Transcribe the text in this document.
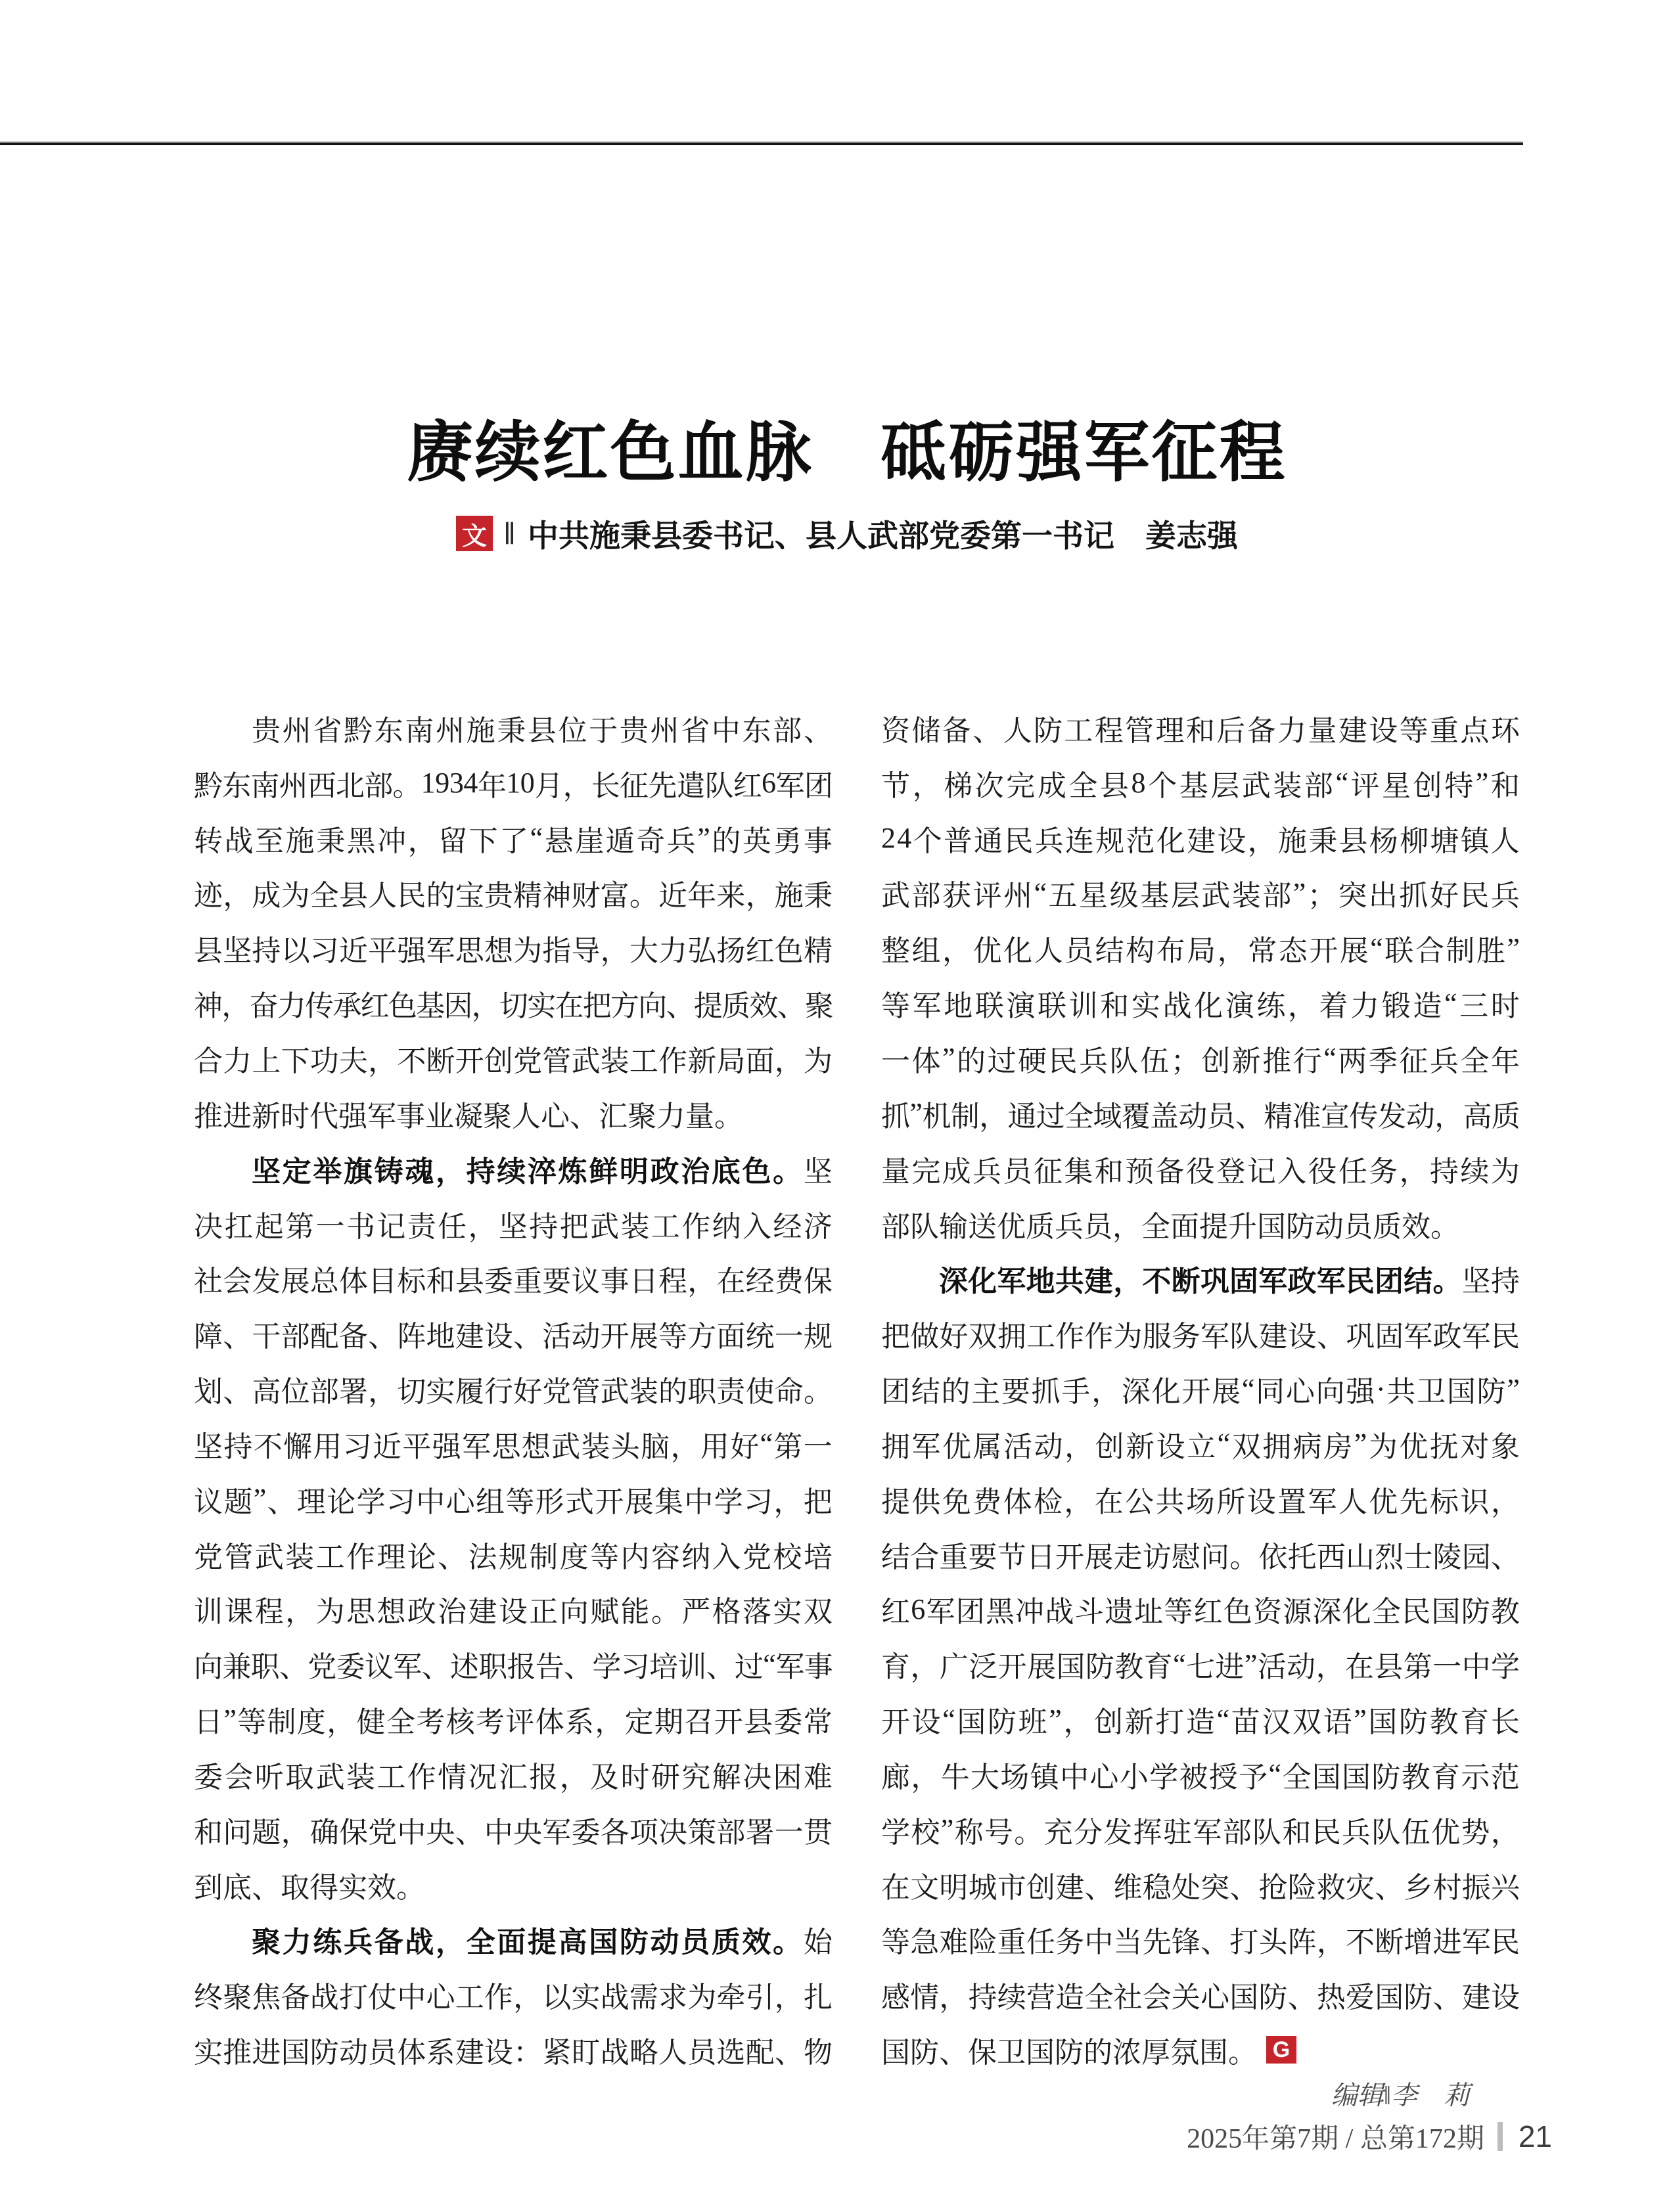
赓续红色血脉　砥砺强军征程
文 ‖ 中共施秉县委书记、县人武部党委第一书记　姜志强
贵 州 省 黔 东 南 州 施 秉 县 位 于 贵 州 省 中 东 部 、
黔 东 南 州 西 北 部 。 1 9 3 4 年 1 0 月 ， 长 征 先 遣 队 红 6 军 团
转 战 至 施 秉 黑 冲 ， 留 下 了 “ 悬 崖 遁 奇 兵 ” 的 英 勇 事
迹 ， 成 为 全 县 人 民 的 宝 贵 精 神 财 富 。 近 年 来 ， 施 秉
县 坚 持 以 习 近 平 强 军 思 想 为 指 导 ， 大 力 弘 扬 红 色 精
神
，
奋
力
传
承
红
色
基
因
，
切
实
在
把
方
向
、
提
质
效
、
聚
合 力 上 下 功 夫 ， 不 断 开 创 党 管 武 装 工 作 新 局 面 ， 为
推 进 新 时 代 强 军 事 业 凝 聚 人 心 、 汇 聚 力 量 。
坚 定 举 旗 铸 魂 ， 持 续 淬 炼 鲜 明 政 治 底 色 。 坚
决 扛 起 第 一 书 记 责 任 ， 坚 持 把 武 装 工 作 纳 入 经 济
社 会 发 展 总 体 目 标 和 县 委 重 要 议 事 日 程 ， 在 经 费 保
障 、 干 部 配 备 、 阵 地 建 设 、 活 动 开 展 等 方 面 统 一 规
划 、 高 位 部 署 ， 切 实 履 行 好 党 管 武 装 的 职 责 使 命 。
坚 持 不 懈 用 习 近 平 强 军 思 想 武 装 头 脑 ， 用 好 “ 第 一
议 题 ” 、 理 论 学 习 中 心 组 等 形 式 开 展 集 中 学 习 ， 把
党 管 武 装 工 作 理 论 、 法 规 制 度 等 内 容 纳 入 党 校 培
训 课 程 ， 为 思 想 政 治 建 设 正 向 赋 能 。 严 格 落 实 双
向 兼 职 、 党 委 议 军 、 述 职 报 告 、 学 习 培 训 、 过 “ 军 事
日 ” 等 制 度 ， 健 全 考 核 考 评 体 系 ， 定 期 召 开 县 委 常
委 会 听 取 武 装 工 作 情 况 汇 报 ， 及 时 研 究 解 决 困 难
和 问 题 ， 确 保 党 中 央 、 中 央 军 委 各 项 决 策 部 署 一 贯
到 底 、 取 得 实 效 。
聚 力 练 兵 备 战 ， 全 面 提 高 国 防 动 员 质 效 。 始
终 聚 焦 备 战 打 仗 中 心 工 作 ， 以 实 战 需 求 为 牵 引 ， 扎
实 推 进 国 防 动 员 体 系 建 设 ： 紧 盯 战 略 人 员 选 配 、 物
资 储 备 、 人 防 工 程 管 理 和 后 备 力 量 建 设 等 重 点 环
节 ， 梯 次 完 成 全 县 8 个 基 层 武 装 部 “ 评 星 创 特 ” 和
2 4 个 普 通 民 兵 连 规 范 化 建 设 ， 施 秉 县 杨 柳 塘 镇 人
武 部 获 评 州 “ 五 星 级 基 层 武 装 部 ” ； 突 出 抓 好 民 兵
整 组 ， 优 化 人 员 结 构 布 局 ， 常 态 开 展 “ 联 合 制 胜 ”
等 军 地 联 演 联 训 和 实 战 化 演 练 ， 着 力 锻 造 “ 三 时
一 体 ” 的 过 硬 民 兵 队 伍 ； 创 新 推 行 “ 两 季 征 兵 全 年
抓 ” 机 制 ， 通 过 全 域 覆 盖 动 员 、 精 准 宣 传 发 动 ， 高 质
量 完 成 兵 员 征 集 和 预 备 役 登 记 入 役 任 务 ， 持 续 为
部 队 输 送 优 质 兵 员 ， 全 面 提 升 国 防 动 员 质 效 。
深 化 军 地 共 建 ， 不 断 巩 固 军 政 军 民 团 结 。 坚 持
把 做 好 双 拥 工 作 作 为 服 务 军 队 建 设 、 巩 固 军 政 军 民
团 结 的 主 要 抓 手 ， 深 化 开 展 “ 同 心 向 强 · 共 卫 国 防 ”
拥 军 优 属 活 动 ， 创 新 设 立 “ 双 拥 病 房 ” 为 优 抚 对 象
提 供 免 费 体 检 ， 在 公 共 场 所 设 置 军 人 优 先 标 识 ，
结 合 重 要 节 日 开 展 走 访 慰 问 。 依 托 西 山 烈 士 陵 园 、
红 6 军 团 黑 冲 战 斗 遗 址 等 红 色 资 源 深 化 全 民 国 防 教
育 ， 广 泛 开 展 国 防 教 育 “ 七 进 ” 活 动 ， 在 县 第 一 中 学
开 设 “ 国 防 班 ” ， 创 新 打 造 “ 苗 汉 双 语 ” 国 防 教 育 长
廊 ， 牛 大 场 镇 中 心 小 学 被 授 予 “ 全 国 国 防 教 育 示 范
学 校 ” 称 号 。 充 分 发 挥 驻 军 部 队 和 民 兵 队 伍 优 势 ，
在 文 明 城 市 创 建 、 维 稳 处 突 、 抢 险 救 灾 、 乡 村 振 兴
等 急 难 险 重 任 务 中 当 先 锋 、 打 头 阵 ， 不 断 增 进 军 民
感 情 ， 持 续 营 造 全 社 会 关 心 国 防 、 热 爱 国 防 、 建 设
国 防 、 保 卫 国 防 的 浓 厚 氛 围 。 G
编辑‖李　莉
2025年第7期 / 总第172期 21
